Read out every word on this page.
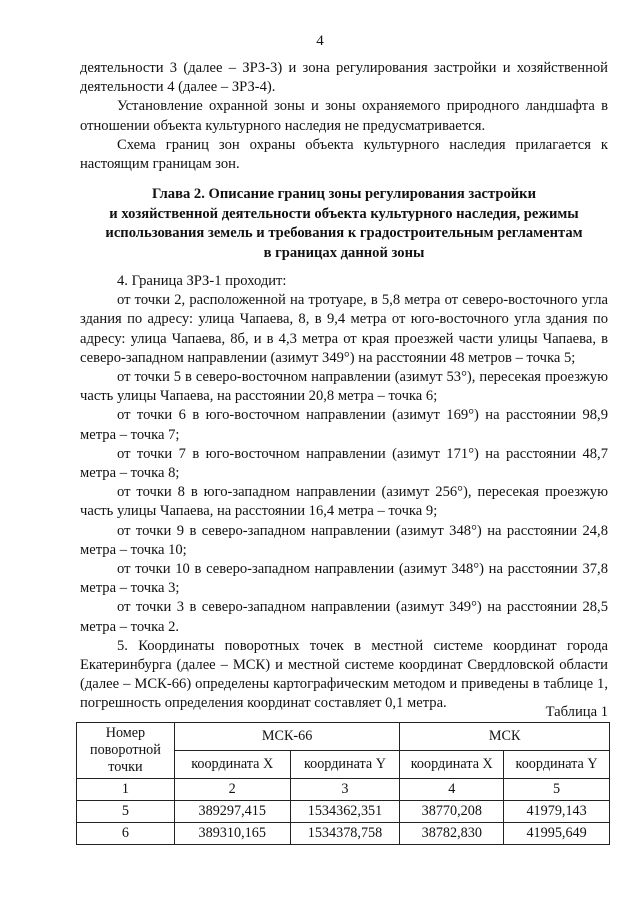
4

деятельности 3 (далее – ЗРЗ-3) и зона регулирования застройки и хозяйственной деятельности 4 (далее – ЗРЗ-4).

Установление охранной зоны и зоны охраняемого природного ландшафта в отношении объекта культурного наследия не предусматривается.

Схема границ зон охраны объекта культурного наследия прилагается к настоящим границам зон.

Глава 2. Описание границ зоны регулирования застройки
и хозяйственной деятельности объекта культурного наследия, режимы
использования земель и требования к градостроительным регламентам
в границах данной зоны

4. Граница ЗРЗ-1 проходит:

от точки 2, расположенной на тротуаре, в 5,8 метра от северо-восточного угла здания по адресу: улица Чапаева, 8, в 9,4 метра от юго-восточного угла здания по адресу: улица Чапаева, 8б, и в 4,3 метра от края проезжей части улицы Чапаева, в северо-западном направлении (азимут 349°) на расстоянии 48 метров – точка 5;

от точки 5 в северо-восточном направлении (азимут 53°), пересекая проезжую часть улицы Чапаева, на расстоянии 20,8 метра – точка 6;

от точки 6 в юго-восточном направлении (азимут 169°) на расстоянии 98,9 метра – точка 7;

от точки 7 в юго-восточном направлении (азимут 171°) на расстоянии 48,7 метра – точка 8;

от точки 8 в юго-западном направлении (азимут 256°), пересекая проезжую часть улицы Чапаева, на расстоянии 16,4 метра – точка 9;

от точки 9 в северо-западном направлении (азимут 348°) на расстоянии 24,8 метра – точка 10;

от точки 10 в северо-западном направлении (азимут 348°) на расстоянии 37,8 метра – точка 3;

от точки 3 в северо-западном направлении (азимут 349°) на расстоянии 28,5 метра – точка 2.

5. Координаты поворотных точек в местной системе координат города Екатеринбурга (далее – МСК) и местной системе координат Свердловской области (далее – МСК-66) определены картографическим методом и приведены в таблице 1, погрешность определения координат составляет 0,1 метра.

Таблица 1
Номер поворотной точки	МСК-66		МСК	
	координата X	координата Y	координата X	координата Y
1	2	3	4	5
5	389297,415	1534362,351	38770,208	41979,143
6	389310,165	1534378,758	38782,830	41995,649
